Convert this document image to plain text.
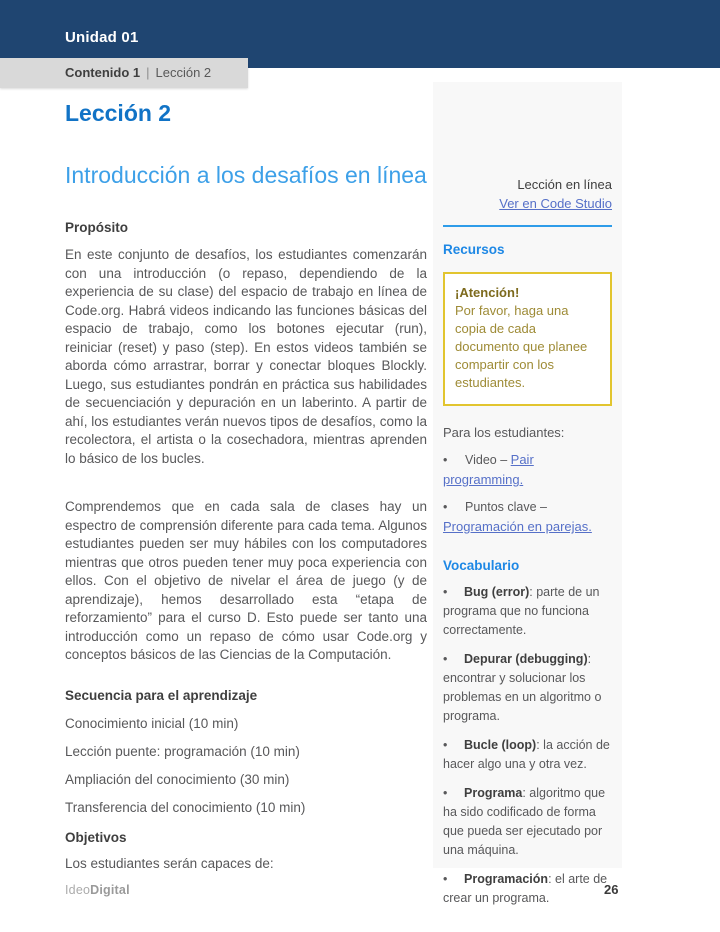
Unidad 01
Contenido 1 | Lección 2
Lección 2
Introducción a los desafíos en línea
Propósito

En este conjunto de desafíos, los estudiantes comenzarán con una introducción (o repaso, dependiendo de la experiencia de su clase) del espacio de trabajo en línea de Code.org. Habrá videos indicando las funciones básicas del espacio de trabajo, como los botones ejecutar (run), reiniciar (reset) y paso (step). En estos videos también se aborda cómo arrastrar, borrar y conectar bloques Blockly. Luego, sus estudiantes pondrán en práctica sus habilidades de secuenciación y depuración en un laberinto. A partir de ahí, los estudiantes verán nuevos tipos de desafíos, como la recolectora, el artista o la cosechadora, mientras aprenden lo básico de los bucles.

Comprendemos que en cada sala de clases hay un espectro de comprensión diferente para cada tema. Algunos estudiantes pueden ser muy hábiles con los computadores mientras que otros pueden tener muy poca experiencia con ellos. Con el objetivo de nivelar el área de juego (y de aprendizaje), hemos desarrollado esta “etapa de reforzamiento” para el curso D. Esto puede ser tanto una introducción como un repaso de cómo usar Code.org y conceptos básicos de las Ciencias de la Computación.

Secuencia para el aprendizaje
Conocimiento inicial (10 min)
Lección puente: programación (10 min)
Ampliación del conocimiento (30 min)
Transferencia del conocimiento (10 min)
Objetivos
Los estudiantes serán capaces de:
Lección en línea
Ver en Code Studio
Recursos
¡Atención!
Por favor, haga una copia de cada documento que planee compartir con los estudiantes.
Para los estudiantes:
• Video – Pair programming.
• Puntos clave – Programación en parejas.
Vocabulario
• Bug (error): parte de un programa que no funciona correctamente.
• Depurar (debugging): encontrar y solucionar los problemas en un algoritmo o programa.
• Bucle (loop): la acción de hacer algo una y otra vez.
• Programa: algoritmo que ha sido codificado de forma que pueda ser ejecutado por una máquina.
• Programación: el arte de crear un programa.
IdeoDigital	26
